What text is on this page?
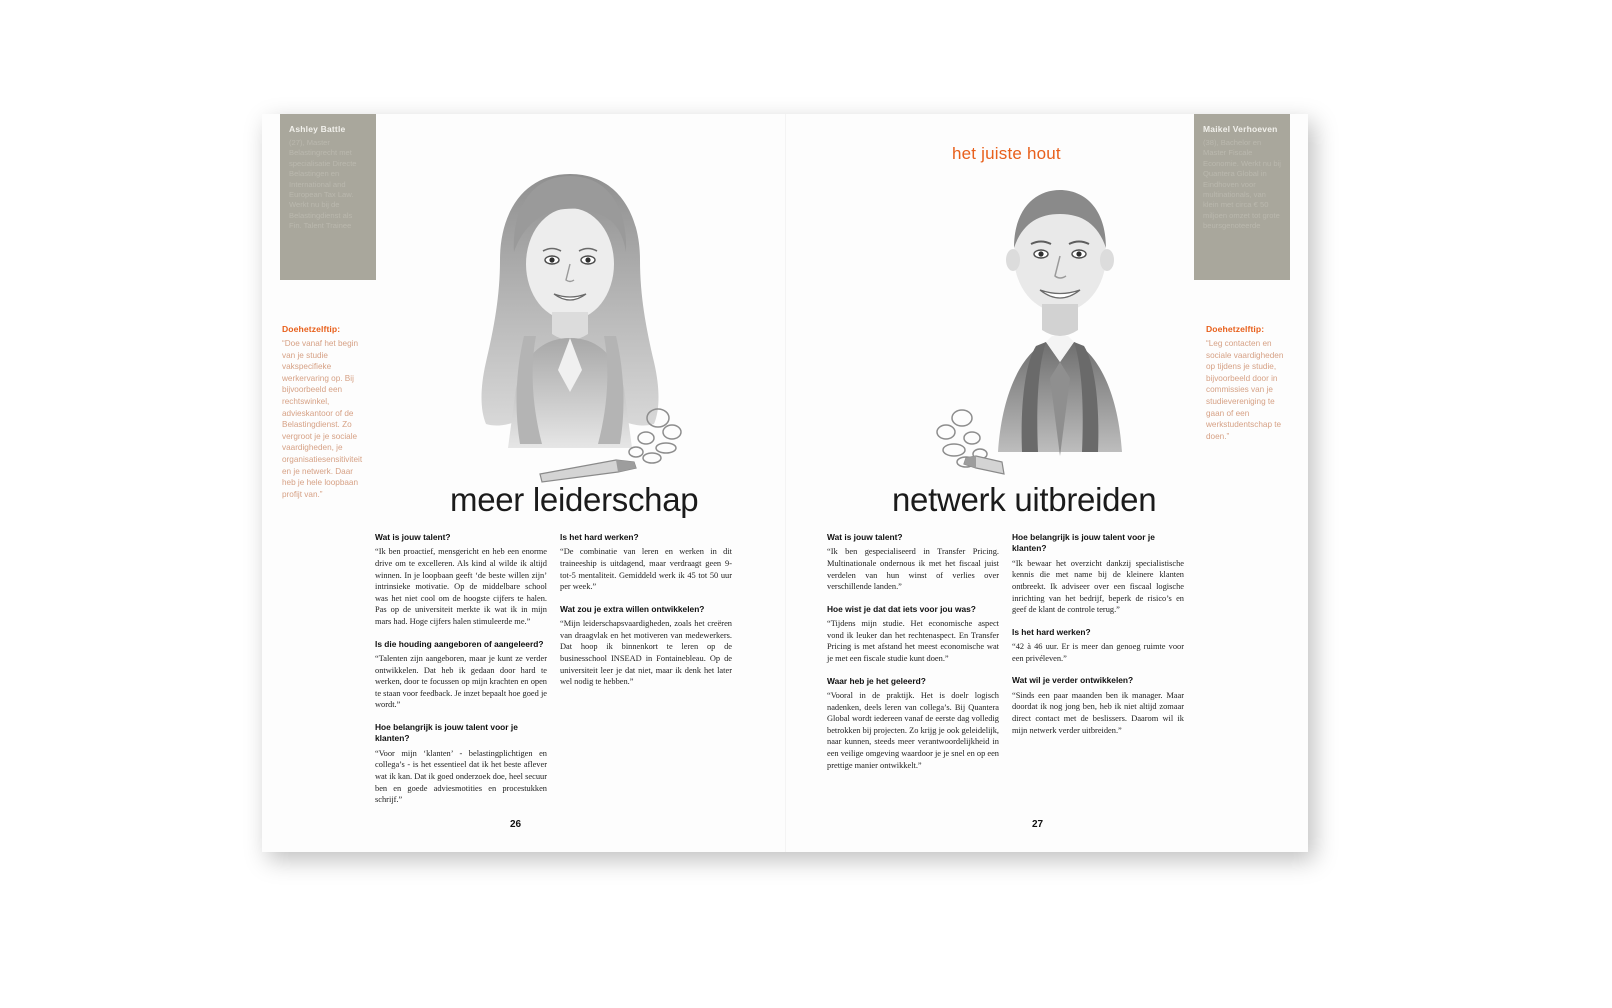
het juiste hout
Ashley Battle
(27), Master Belastingrecht met specialisatie Directe Belastingen en International and European Tax Law. Werkt nu bij de Belastingdienst als Fin. Talent Trainee
Maikel Verhoeven
(38), Bachelor en Master Fiscale Economie. Werkt nu bij Quantera Global in Eindhoven voor multinationals, van klein met circa € 50 miljoen omzet tot grote beursgenoteerde
Doehetzelftip:
“Doe vanaf het begin van je studie vakspecifieke werkervaring op. Bij bijvoorbeeld een rechtswinkel, advieskantoor of de Belastingdienst. Zo vergroot je je sociale vaardigheden, je organisatiesensitiviteit en je netwerk. Daar heb je hele loopbaan profijt van.”
Doehetzelftip:
“Leg contacten en sociale vaardigheden op tijdens je studie, bijvoorbeeld door in commissies van je studievereniging te gaan of een werkstudentschap te doen.”
meer leiderschap	netwerk uitbreiden

Wat is jouw talent?

“Ik ben proactief, mensgericht en heb een enorme drive om te excelleren. Als kind al wilde ik altijd winnen. In je loopbaan geeft ‘de beste willen zijn’ intrinsieke motivatie. Op de middelbare school was het niet cool om de hoogste cijfers te halen. Pas op de universiteit merkte ik wat ik in mijn mars had. Hoge cijfers halen stimuleerde me.”

Is die houding aangeboren of aangeleerd?

“Talenten zijn aangeboren, maar je kunt ze verder ontwikkelen. Dat heb ik gedaan door hard te werken, door te focussen op mijn krachten en open te staan voor feedback. Je inzet bepaalt hoe goed je wordt.”

Hoe belangrijk is jouw talent voor je klanten?

“Voor mijn ‘klanten’ - belastingplichtigen en collega’s - is het essentieel dat ik het beste aflever wat ik kan. Dat ik goed onderzoek doe, heel secuur ben en goede adviesmotities en procestukken schrijf.”

Is het hard werken?

“De combinatie van leren en werken in dit traineeship is uitdagend, maar verdraagt geen 9-tot-5 mentaliteit. Gemiddeld werk ik 45 tot 50 uur per week.”

Wat zou je extra willen ontwikkelen?

“Mijn leiderschapsvaardigheden, zoals het creëren van draagvlak en het motiveren van medewerkers. Dat hoop ik binnenkort te leren op de businesschool INSEAD in Fontainebleau. Op de universiteit leer je dat niet, maar ik denk het later wel nodig te hebben.”

Wat is jouw talent?

“Ik ben gespecialiseerd in Transfer Pricing. Multinationale ondernous ik met het fiscaal juist verdelen van hun winst of verlies over verschillende landen.”

Hoe wist je dat dat iets voor jou was?

“Tijdens mijn studie. Het economische aspect vond ik leuker dan het rechtenaspect. En Transfer Pricing is met afstand het meest economische wat je met een fiscale studie kunt doen.”

Waar heb je het geleerd?

“Vooral in de praktijk. Het is doelr logisch nadenken, deels leren van collega’s. Bij Quantera Global wordt iedereen vanaf de eerste dag volledig betrokken bij projecten. Zo krijg je ook geleidelijk, naar kunnen, steeds meer verantwoordelijkheid in een veilige omgeving waardoor je je snel en op een prettige manier ontwikkelt.”

Hoe belangrijk is jouw talent voor je klanten?

“Ik bewaar het overzicht dankzij specialistische kennis die met name bij de kleinere klanten ontbreekt. Ik adviseer over een fiscaal logische inrichting van het bedrijf, beperk de risico’s en geef de klant de controle terug.”

Is het hard werken?

“42 à 46 uur. Er is meer dan genoeg ruimte voor een privéleven.”

Wat wil je verder ontwikkelen?

“Sinds een paar maanden ben ik manager. Maar doordat ik nog jong ben, heb ik niet altijd zomaar direct contact met de beslissers. Daarom wil ik mijn netwerk verder uitbreiden.”

26	27
